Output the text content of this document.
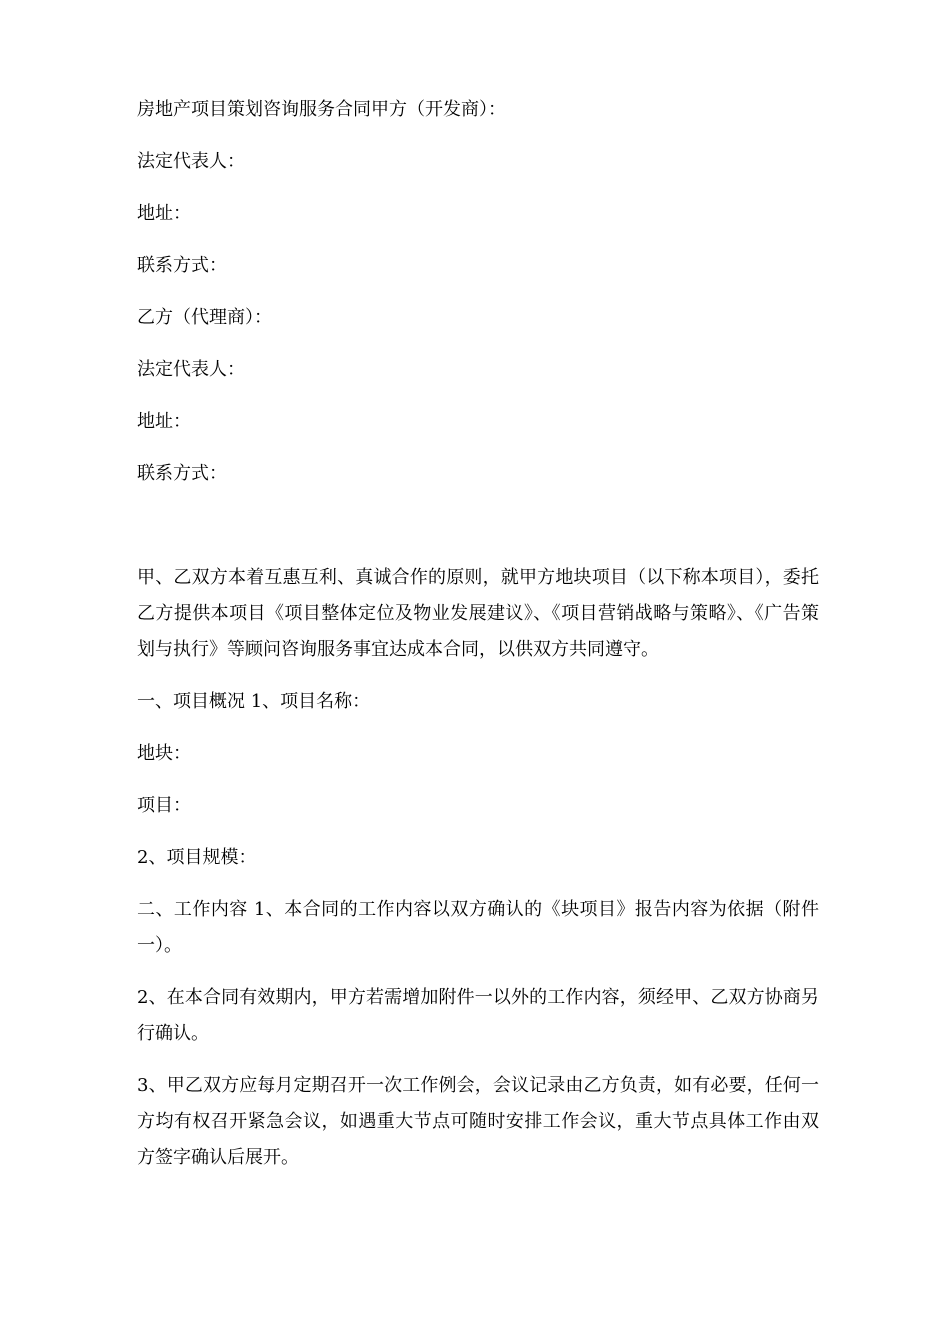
房地产项目策划咨询服务合同甲方（开发商）：

法定代表人：

地址：

联系方式：

乙方（代理商）：

法定代表人：

地址：

联系方式：

甲、乙双方本着互惠互利、真诚合作的原则，就甲方地块项目（以下称本项目），委托乙方提供本项目《项目整体定位及物业发展建议》、《项目营销战略与策略》、《广告策划与执行》等顾问咨询服务事宜达成本合同，以供双方共同遵守。

一、项目概况 1、项目名称：

地块：

项目：

2、项目规模：

二、工作内容 1、本合同的工作内容以双方确认的《块项目》报告内容为依据（附件一）。

2、在本合同有效期内，甲方若需增加附件一以外的工作内容，须经甲、乙双方协商另行确认。

3、甲乙双方应每月定期召开一次工作例会，会议记录由乙方负责，如有必要，任何一方均有权召开紧急会议，如遇重大节点可随时安排工作会议，重大节点具体工作由双方签字确认后展开。
